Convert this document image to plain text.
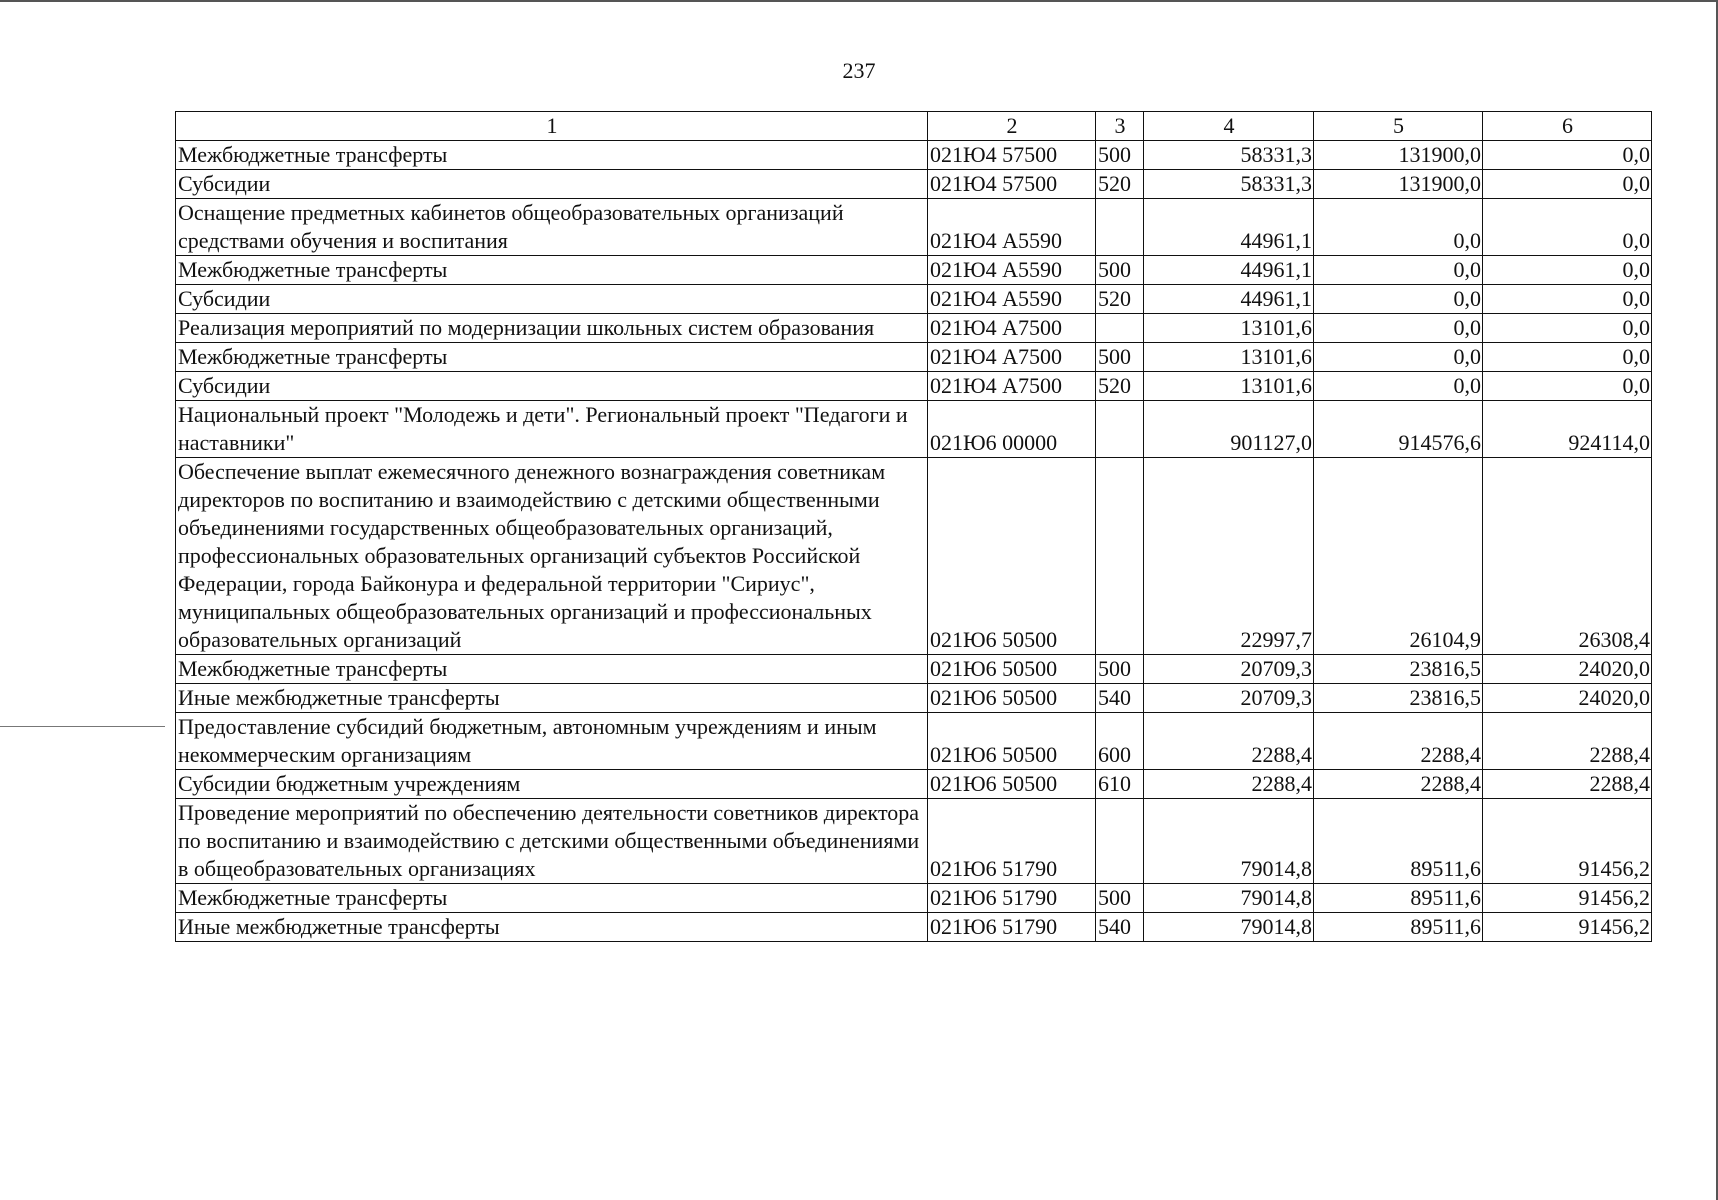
237
1	2	3	4	5	6
Межбюджетные трансферты	021Ю4 57500	500	58331,3	131900,0	0,0
Субсидии	021Ю4 57500	520	58331,3	131900,0	0,0
Оснащение предметных кабинетов общеобразовательных организаций средствами обучения и воспитания	021Ю4 А5590		44961,1	0,0	0,0
Межбюджетные трансферты	021Ю4 А5590	500	44961,1	0,0	0,0
Субсидии	021Ю4 А5590	520	44961,1	0,0	0,0
Реализация мероприятий по модернизации школьных систем образования	021Ю4 А7500		13101,6	0,0	0,0
Межбюджетные трансферты	021Ю4 А7500	500	13101,6	0,0	0,0
Субсидии	021Ю4 А7500	520	13101,6	0,0	0,0
Национальный проект "Молодежь и дети". Региональный проект "Педагоги и наставники"	021Ю6 00000		901127,0	914576,6	924114,0
Обеспечение выплат ежемесячного денежного вознаграждения советникам директоров по воспитанию и взаимодействию с детскими общественными объединениями государственных общеобразовательных организаций, профессиональных образовательных организаций субъектов Российской Федерации, города Байконура и федеральной территории "Сириус", муниципальных общеобразовательных организаций и профессиональных образовательных организаций	021Ю6 50500		22997,7	26104,9	26308,4
Межбюджетные трансферты	021Ю6 50500	500	20709,3	23816,5	24020,0
Иные межбюджетные трансферты	021Ю6 50500	540	20709,3	23816,5	24020,0
Предоставление субсидий бюджетным, автономным учреждениям и иным некоммерческим организациям	021Ю6 50500	600	2288,4	2288,4	2288,4
Субсидии бюджетным учреждениям	021Ю6 50500	610	2288,4	2288,4	2288,4
Проведение мероприятий по обеспечению деятельности советников директора по воспитанию и взаимодействию с детскими общественными объединениями в общеобразовательных организациях	021Ю6 51790		79014,8	89511,6	91456,2
Межбюджетные трансферты	021Ю6 51790	500	79014,8	89511,6	91456,2
Иные межбюджетные трансферты	021Ю6 51790	540	79014,8	89511,6	91456,2
